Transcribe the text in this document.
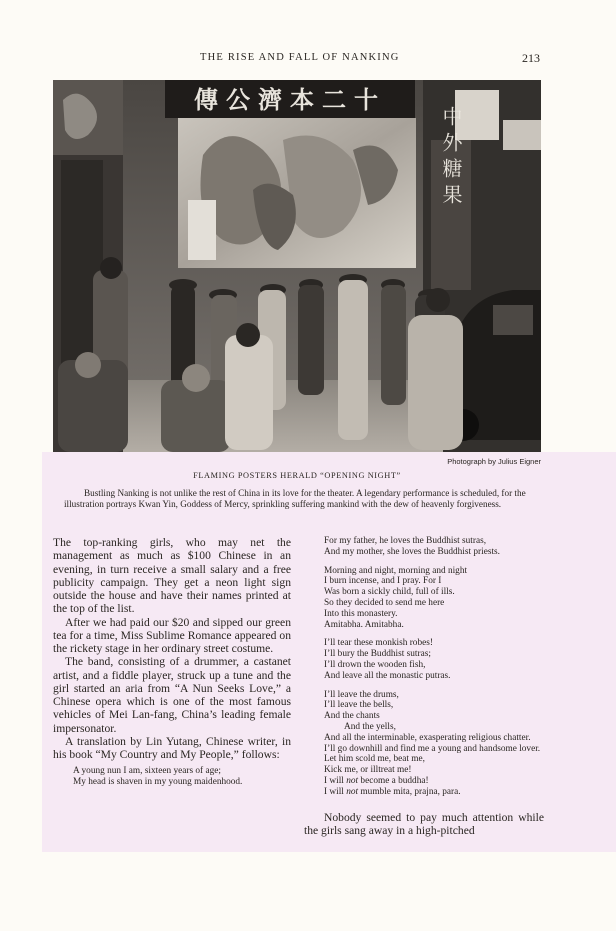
THE RISE AND FALL OF NANKING	213
傳公濟本二十
中外糖果
Photograph by Julius Eigner
FLAMING POSTERS HERALD “OPENING NIGHT”
Bustling Nanking is not unlike the rest of China in its love for the theater. A legendary performance is scheduled, for the illustration portrays Kwan Yin, Goddess of Mercy, sprinkling suffering mankind with the dew of heavenly forgiveness.

The top-ranking girls, who may net the management as much as $100 Chinese in an evening, in turn receive a small salary and a free publicity campaign. They get a neon light sign outside the house and have their names printed at the top of the list.

After we had paid our $20 and sipped our green tea for a time, Miss Sublime Romance appeared on the rickety stage in her ordinary street costume.

The band, consisting of a drummer, a castanet artist, and a fiddle player, struck up a tune and the girl started an aria from “A Nun Seeks Love,” a Chinese opera which is one of the most famous vehicles of Mei Lan-fang, China’s leading female impersonator.

A translation by Lin Yutang, Chinese writer, in his book “My Country and My People,” follows:

A young nun I am, sixteen years of age;
My head is shaven in my young maidenhood.
For my father, he loves the Buddhist sutras,
And my mother, she loves the Buddhist priests.
Morning and night, morning and night
I burn incense, and I pray. For I
Was born a sickly child, full of ills.
So they decided to send me here
Into this monastery.
Amitabha. Amitabha.
I’ll tear these monkish robes!
I’ll bury the Buddhist sutras;
I’ll drown the wooden fish,
And leave all the monastic putras.
I’ll leave the drums,
I’ll leave the bells,
And the chants
And the yells,
And all the interminable, exasperating religious chatter.
I’ll go downhill and find me a young and handsome lover.
Let him scold me, beat me,
Kick me, or illtreat me!
I will not become a buddha!
I will not mumble mita, prajna, para.

Nobody seemed to pay much attention while the girls sang away in a high-pitched
